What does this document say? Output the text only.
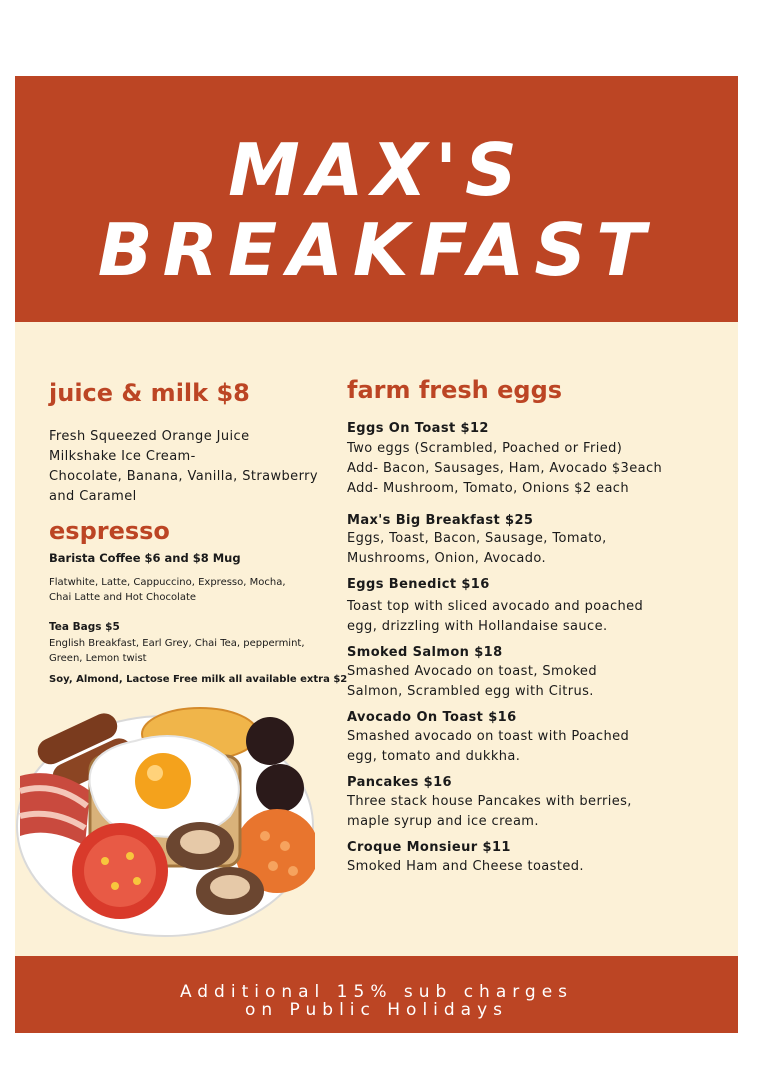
MAX'S
BREAKFAST
juice & milk $8
Fresh Squeezed Orange Juice
Milkshake Ice Cream-
Chocolate, Banana, Vanilla, Strawberry
and Caramel
espresso
Barista Coffee $6 and $8 Mug
Flatwhite, Latte, Cappuccino, Expresso, Mocha,
Chai Latte and Hot Chocolate
Tea Bags $5
English Breakfast, Earl Grey, Chai Tea, peppermint,
Green, Lemon twist
Soy, Almond, Lactose Free milk all available extra $2
farm fresh eggs
Eggs On Toast $12
Two eggs (Scrambled, Poached or Fried)
Add- Bacon, Sausages, Ham, Avocado $3each
Add- Mushroom, Tomato, Onions $2 each
Max's Big Breakfast $25
Eggs, Toast, Bacon, Sausage, Tomato,
Mushrooms, Onion, Avocado.
Eggs Benedict $16
Toast top with sliced avocado and poached
egg, drizzling with Hollandaise sauce.
Smoked Salmon $18
Smashed Avocado on toast, Smoked
Salmon, Scrambled egg with Citrus.
Avocado On Toast $16
Smashed avocado on toast with Poached
egg, tomato and dukkha.
Pancakes $16
Three stack house Pancakes with berries,
maple syrup and ice cream.
Croque Monsieur $11
Smoked Ham and Cheese toasted.
Additional 15% sub charges
on Public Holidays
